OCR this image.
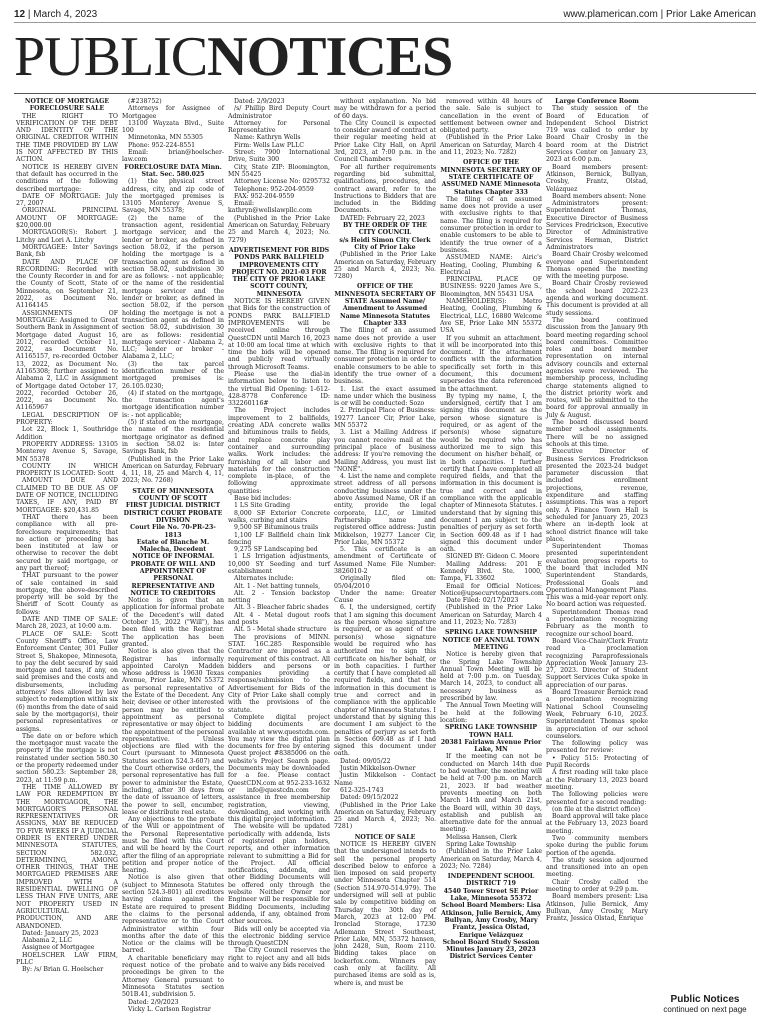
12 | March 4, 2023	www.plamerican.com | Prior Lake American
PUBLIC NOTICES

NOTICE OF MORTGAGE FORECLOSURE SALE

THE RIGHT TO VERIFICATION OF THE DEBT AND IDENTITY OF THE ORIGINAL CREDITOR WITHIN THE TIME PROVIDED BY LAW IS NOT AFFECTED BY THIS ACTION.

NOTICE IS HEREBY GIVEN that default has occurred in the conditions of the following described mortgage:

DATE OF MORTGAGE: July 27, 2007

ORIGINAL PRINCIPAL AMOUNT OF MORTGAGE: $20,000.00

MORTGAGOR(S): Robert J. Litchy and Lori A. Litchy

MORTGAGEE: Inter Savings Bank, fsb

DATE AND PLACE OF RECORDING: Recorded with the County Recorder in and for the County of Scott, State of Minnesota, on September 21, 2022, as Document No. A1164145

ASSIGNMENTS OF MORTGAGE: Assigned to Great Southern Bank in Assignment of Mortgage dated August 16, 2012, recorded October 11, 2022, as Document No. A1165157, re-recorded October 13, 2022, as Document No. A1165308; further assigned to Alabama 2, LLC in Assignment of Mortgage dated October 17, 2022, recorded October 26, 2022, as Document No. A1165967

LEGAL DESCRIPTION OF PROPERTY:

Lot 22, Block 1, Southridge Addition

PROPERTY ADDRESS: 13105 Monterey Avenue S, Savage, MN 55378

COUNTY IN WHICH PROPERTY IS LOCATED: Scott

AMOUNT DUE AND CLAIMED TO BE DUE AS OF DATE OF NOTICE, INCLUDING TAXES, IF ANY, PAID BY MORTGAGEE: $20,431.85

THAT there has been compliance with all pre-foreclosure requirements; that no action or proceeding has been instituted at law or otherwise to recover the debt secured by said mortgage, or any part thereof;

THAT pursuant to the power of sale contained in said mortgage, the above-described property will be sold by the Sheriff of Scott County as follows:

DATE AND TIME OF SALE: March 28, 2023, at 10:00 a.m.

PLACE OF SALE: Scott County Sheriff's Office, Law Enforcement Center, 301 Fuller Street S, Shakopee, Minnesota, to pay the debt secured by said mortgage and taxes, if any, on said premises and the costs and disbursements, including attorneys' fees allowed by law subject to redemption within six (6) months from the date of said sale by the mortgagor(s), their personal representatives or assigns.

The date on or before which the mortgagor must vacate the property if the mortgage is not reinstated under section 580.30 or the property redeemed under section 580.23: September 28, 2023, at 11:59 p.m.

THE TIME ALLOWED BY LAW FOR REDEMPTION BY THE MORTGAGOR, THE MORTGAGOR'S PERSONAL REPRESENTATIVES OR ASSIGNS, MAY BE REDUCED TO FIVE WEEKS IF A JUDICIAL ORDER IS ENTERED UNDER MINNESOTA STATUTES, SECTION 582.032, DETERMINING, AMONG OTHER THINGS, THAT THE MORTGAGED PREMISES ARE IMPROVED WITH A RESIDENTIAL DWELLING OF LESS THAN FIVE UNITS, ARE NOT PROPERTY USED IN AGRICULTURAL PRODUCTION, AND ARE ABANDONED.

Dated: January 25, 2023

Alabama 2, LLC

Assignee of Mortgagee

HOELSCHER LAW FIRM, PLLC

By: /s/ Brian G. Hoelscher

(#238752)

Attorneys for Assignee of Mortgagee

13100 Wayzata Blvd., Suite 100

Minnetonka, MN 55305

Phone: 952-224-8551

Email: brian@hoelscher-law.com

FORECLOSURE DATA Minn. Stat. Sec. 580.025

(1) the physical street address, city, and zip code of the mortgaged premises is 13105 Monterey Avenue S, Savage, MN 55378;

(2) the name of the transaction agent, residential mortgage servicer, and the lender or broker, as defined in section 58.02, if the person holding the mortgage is a transaction agent as defined in section 58.02, subdivision 30 are as follows: - not applicable; or the name of the residential mortgage servicer and the lender or broker, as defined in section 58.02, if the person holding the mortgage is not a transaction agent as defined in section 58.02, subdivision 30 are as follows: residential mortgage servicer - Alabama 2, LLC; lender or broker - Alabama 2, LLC;

(3) the tax parcel identification number of the mortgaged premises is: 26.105.0230;

(4) if stated on the mortgage, the transaction agent's mortgage identification number is: - not applicable;

(5) if stated on the mortgage, the name of the residential mortgage originator as defined in section 58.02 is: Inter Savings Bank, fsb

(Published in the Prior Lake American on Saturday, February 4, 11, 18, 25 and March 4, 11, 2023; No. 7268)

STATE OF MINNESOTA COUNTY OF SCOTT

FIRST JUDICIAL DISTRICT DISTRICT COURT PROBATE DIVISION

Court File No. 70-PR-23-1813

Estate of Blanche M. Malecha, Decedent

NOTICE OF INFORMAL PROBATE OF WILL AND APPOINTMENT OF PERSONAL REPRESENTATIVE AND NOTICE TO CREDITORS

Notice is given that an application for informal probate of the Decedent's will dated October 15, 2022 ("Will"), has been filed with the Registrar. The application has been granted.

Notice is also given that the Registrar has informally appointed Carolyn Madden whose address is 19630 Texas Avenue, Prior Lake, MN 55372 as personal representative of the Estate of the Decedent. Any heir, devisee or other interested person may be entitled to appointment as personal representative or may object to the appointment of the personal representative. Unless objections are filed with the Court (pursuant to Minnesota Statutes section 524.3-607) and the Court otherwise orders, the personal representative has full power to administer the Estate, including, after 30 days from the date of issuance of letters, the power to sell, encumber, lease or distribute real estate.

Any objections to the probate of the Will or appointment of the Personal Representative must be filed with this Court and will be heard by the Court after the filing of an appropriate petition and proper notice of hearing.

Notice is also given that (subject to Minnesota Statutes section 524.3-801) all creditors having claims against the Estate are required to present the claims to the personal representative or to the Court Administrator within four months after the date of this Notice or the claims will be barred.

A charitable beneficiary may request notice of the probate proceedings be given to the Attorney General pursuant to Minnesota Statutes section 501B.41, subdivision 5.

Dated: 2/9/2023

Vicky L. Carlson Registrar

Dated: 2/9/2023

/s/ Phillip Bird Deputy Court Administrator

Attorney for Personal Representative

Name: Kathryn Wells

Firm: Wells Law PLLC

Street: 7900 International Drive, Suite 300

City, State ZIP: Bloomington, MN 55425

Attorney License No: 0295732

Telephone: 952-204-9559

FAX: 952-204-9559

Email: kathryn@wellslawpllc.com

(Published in the Prior Lake American on Saturday, February 25 and March 4, 2023; No. 7279)

ADVERTISEMENT FOR BIDS PONDS PARK BALLFIELD IMPROVEMENTS CITY PROJECT NO. 2021-03 FOR THE CITY OF PRIOR LAKE SCOTT COUNTY, MINNESOTA

NOTICE IS HEREBY GIVEN that Bids for the construction of PONDS PARK BALLFIELD IMPROVEMENTS will be received online through QuestCDN until March 16, 2023 at 10:00 am local time at which time the bids will be opened and publicly read virtually through Microsoft Teams.

Please use the dial-in information below to listen to the virtual Bid Opening: 1-612-428-8778 Conference ID: 332260116#

The Project includes improvement to 2 ballfields, creating ADA concrete walks and bituminous trails to fields, and replace concrete play container and surrounding walks. Work includes: the furnishing of all labor and materials for the construction complete in-place, of the following approximate quantities:

Base bid includes:

1 LS Site Grading

8,000 SF Exterior Concrete walks, curbing and stairs

9,500 SF Bituminous trails

1,100 LF Ballfield chain link fencing

9,275 SF Landscaping bed

1 LS Irrigation adjustments, 10,000 SY Seeding and turf establishment

Alternates include:

Alt. 1 - Net batting tunnels,

Alt. 2 - Tension backstop netting

Alt. 3 - Bleacher fabric shades

Alt. 4 - Metal dugout roofs and posts

Alt. 5 - Metal shade structure

The provisions of MINN. STAT. 16C.285 Responsible Contractor are imposed as a requirement of this contract. All bidders and persons or companies providing a response/submission to the Advertisement for Bids of the City of Prior Lake shall comply with the provisions of the statute.

Complete digital project bidding documents are available at www.questcdn.com. You may view the digital plan documents for free by entering Quest project #8385006 on the website's Project Search page. Documents may be downloaded for a fee. Please contact QuestCDN.com at 952-233-1632 or info@questcdn.com for assistance in free membership registration, viewing, downloading, and working with this digital project information.

The website will be updated periodically with addenda, lists of registered plan holders, reports, and other information relevant to submitting a Bid for the Project. All official notifications, addenda, and other Bidding Documents will be offered only through the website Neither Owner nor Engineer will be responsible for Bidding Documents, including addenda, if any, obtained from other sources.

Bids will only be accepted via the electronic bidding service through QuestCDN

The City Council reserves the right to reject any and all bids and to waive any bids received

without explanation. No bid may be withdrawn for a period of 60 days.

The City Council is expected to consider award of contract at their regular meeting held at Prior Lake City Hall, on April 3rd, 2023, at 7:00 p.m. in the Council Chambers

For all further requirements regarding bid submittal, qualifications, procedures, and contract award, refer to the Instructions to Bidders that are included in the Bidding Documents.

DATED: February 22, 2023

BY THE ORDER OF THE CITY COUNCIL

s/s Heidi Simon City Clerk City of Prior Lake

(Published in the Prior Lake American on Saturday, February 25 and March 4, 2023; No. 7280)

OFFICE OF THE MINNESOTA SECRETARY OF STATE Assumed Name/ Amendment to Assumed Name Minnesota Statutes Chapter 333

The filing of an assumed name does not provide a user with exclusive rights to that name. The filing is required for consumer protection in order to enable consumers to be able to identify the true owner of a business.

1. List the exact assumed name under which the business is or will be conducted: Sozo

2. Principal Place of Business: 19277 Lancer Cir, Prior Lake, MN 55372

3. List a Mailing Address if you cannot receive mail at the principal place of business address: If you're removing the Mailing Address, you must list "NONE".

4. List the name and complete street address of all persons conducting business under the above Assumed Name, OR if an entity, provide the legal corporate, LLC, or Limited Partnership name and registered office address: Justin Mikkelson, 19277 Lancer Cir, Prior Lake, MN 55372

5. This certificate is an amendment of Certificate of Assumed Name File Number: 3826010-2

Originally filed on: 05/04/2010

Under the name: Greater Cause

6. I, the undersigned, certify that I am signing this document as the person whose signature is required, or as agent of the person(s) whose signature would be required who has authorized me to sign this certificate on his/her behalf, or in both capacities. I further certify that I have completed all required fields, and that the information in this document is true and correct and in compliance with the applicable chapter of Minnesota Statutes. I understand that by signing this document I am subject to the penalties of perjury as set forth in Section 609.48 as if I had signed this document under oath.

Dated: 09/05/22

Justin Mikkelson-Owner

Justin Mikkelson - Contact Name

612-325-1743

Dated: 09/15/2022

(Published in the Prior Lake American on Saturday, February 25 and March 4, 2023; No. 7281)

NOTICE OF SALE

NOTICE IS HEREBY GIVEN that the undersigned intends to sell the personal property described below to enforce a lien imposed on said property under Minnesota Chapter 514 (Section 514.970-514.979). The undersigned will sell at public sale by competitive bidding on Thursday the 30th day of March, 2023 at 12:00 PM. Ironclad Storage, 17230 Adlemann Street Southeast, Prior Lake, MN, 55372 hansen, john 2428, Sun, Room 2110. Bidding takes place on lockerfox.com. Winners pay cash only at facility. All purchased items are sold as is, where is, and must be

removed within 48 hours of the sale. Sale is subject to cancellation in the event of settlement between owner and obligated party.

(Published in the Prior Lake American on Saturday, March 4 and 11, 2023; No. 7282)

OFFICE OF THE MINNESOTA SECRETARY OF STATE CERTIFICATE OF ASSUMED NAME Minnesota Statutes Chapter 333

The filing of an assumed name does not provide a user with exclusive rights to that name. The filing is required for consumer protection in order to enable customers to be able to identify the true owner of a business.

ASSUMED NAME: Airic's Heating, Cooling, Plumbing & Electrical

PRINCIPAL PLACE OF BUSINESS: 9220 James Ave S., Bloomington, MN 55431 USA

NAMEHOLDER(S): Metro Heating, Cooling, Plumbing & Electrical, LLC, 16880 Welcome Ave SE, Prior Lake MN 55372 USA

If you submit an attachment, it will be incorporated into this document. If the attachment conflicts with the information specifically set forth in this document, this document supersedes the data referenced in the attachment.

By typing my name, I, the undersigned, certify that I am signing this document as the person whose signature is required, or as agent of the person(s) whose signature would be required who has authorized me to sign this document on his/her behalf, or in both capacities. I further certify that I have completed all required fields, and that the information in this document is true and correct and in compliance with the applicable chapter of Minnesota Statutes. I understand that by signing this document I am subject to the penalties of perjury as set forth in Section 609.48 as if I had signed this document under oath.

SIGNED BY: Gideon C. Moore

Mailing Address: 201 E Kennedy Blvd. Ste. 1000, Tampa, FL 33602

Email for Official Notices: Notice@upsecurvtopartners.com

Date Filed: 02/17/2023

(Published in the Prior Lake American on Saturday, March 4 and 11, 2023; No. 7283)

SPRING LAKE TOWNSHIP NOTICE OF ANNUAL TOWN MEETING

Notice is hereby given that the Spring Lake Township Annual Town Meeting will be held at 7:00 p.m. on Tuesday, March 14, 2023, to conduct all necessary business as prescribed by law.

The Annual Town Meeting will be held at the following location:

SPRING LAKE TOWNSHIP TOWN HALL

20381 Fairlawn Avenue Prior Lake, MN

If the meeting can not be conducted on March 14th due to bad weather, the meeting will be held at 7:00 p.m. on March 21, 2023. If bad weather prevents meeting on both March 14th and March 21st, the Board will, within 30 days, establish and publish an alternative date for the annual meeting.

Melissa Hansen, Clerk

Spring Lake Township

(Published in the Prior Lake American on Saturday, March 4, 2023; No. 7284)

INDEPENDENT SCHOOL DISTRICT 719

4540 Tower Street SE Prior Lake, Minnesota 55372 School Board Members: Lisa Atkinson, Julie Bernick, Amy Bullyan, Amy Crosby, Mary Frantz, Jessica Olstad, Enrique Velázquez

School Board Study Session Minutes January 23, 2023 District Services Center

Large Conference Room

The study session of the Board of Education of Independent School District 719 was called to order by Board Chair Crosby in the board room at the District Services Center on January 23, 2023 at 6:00 p.m.

Board members present: Atkinson, Bernick, Bullyan, Crosby, Frantz, Olstad, Velázquez

Board members absent: None

Administrators present: Superintendent Thomas, Executive Director of Business Services Fredrickson, Executive Director of Administrative Services Herman, District Administrators

Board Chair Crosby welcomed everyone and Superintendent Thomas opened the meeting with the meeting purpose.

Board Chair Crosby reviewed the school board 2022-23 agenda and working document. This document is provided at all study sessions.

The board continued discussion from the January 9th board meeting regarding school board committees. Committee roles and board member representation on internal advisory councils and external agencies were reviewed. The membership process, including charge statements aligned to the district priority work and routes, will be submitted to the board for approval annually in July & August.

The board discussed board member school assignments. There will be no assigned schools at this time.

Executive Director of Business Services Fredrickson presented the 2023-24 budget parameter discussion that included enrollment projections, revenue, expenditure and staffing assumptions. This was a report only. A Finance Town Hall is scheduled for January 25, 2023 where an in-depth look at school district finance will take place.

Superintendent Thomas presented superintendent evaluation progress reports to the board that included MN Superintendent Standards, Professional Goals and Operational Management Plans. This was a mid-year report only. No board action was requested.

Superintendent Thomas read a proclamation recognizing February as the month to recognize our school board.

Board Vice-Chair/Clerk Frantz read a proclamation recognizing Paraprofessionals Appreciation Week January 23-27, 2023. Director of Student Support Services Cuka spoke in appreciation of our paras.

Board Treasurer Bernick read a proclamation recognizing National School Counseling Week, February 6-10, 2023. Superintendent Thomas spoke in appreciation of our school counselors.

The following policy was presented for review:

• Policy 515: Protecting of Pupil Records

A first reading will take place at the February 13, 2023 board meeting.

The following policies were presented for a second reading:

(on file at the district office)

Board approval will take place at the February 13, 2023 board meeting.

Two community members spoke during the public forum portion of the agenda.

The study session adjourned and transitioned into an open meeting.

Chair Crosby called the meeting to order at 9:29 p.m.

Board members present: Lisa Atkinson, Julie Bernick, Amy Bullyan, Amy Crosby, Mary Frantz, Jessica Olstad, Enrique

Public Notices
continued on next page
